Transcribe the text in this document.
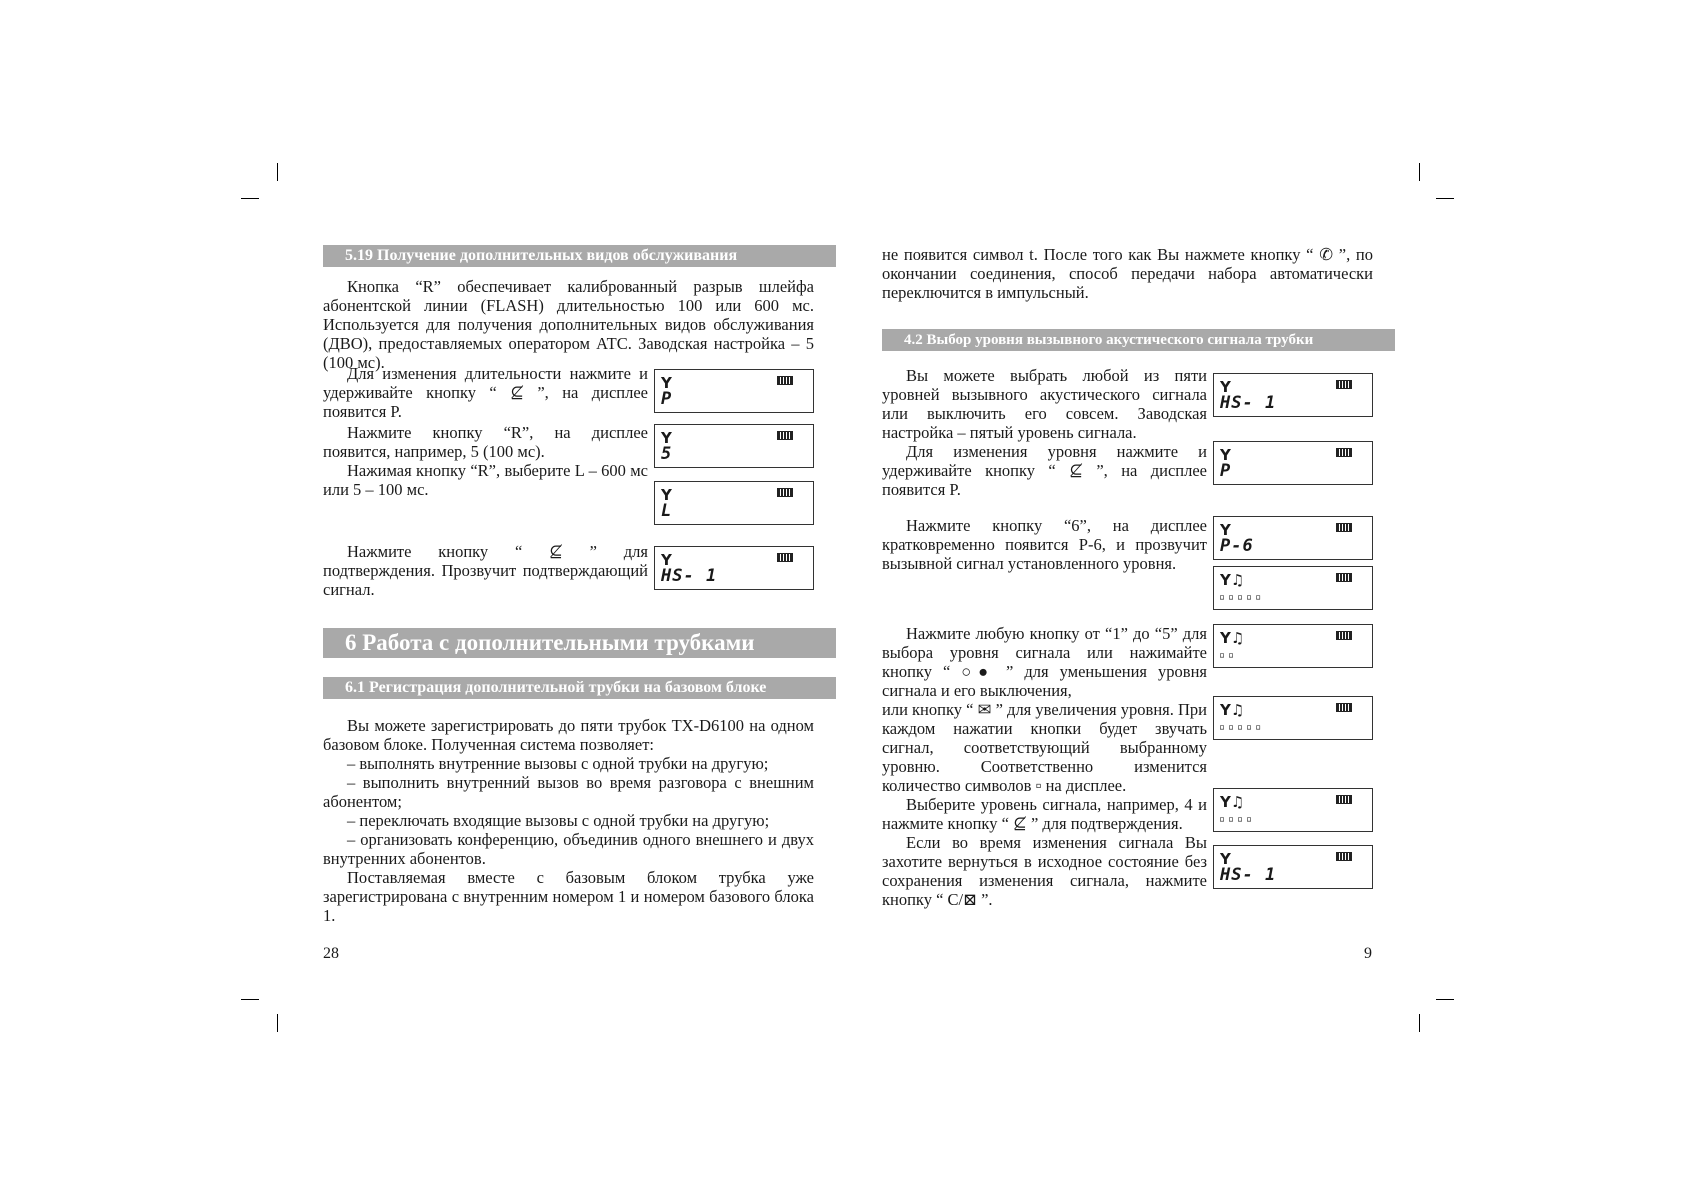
5.19 Получение дополнительных видов обслуживания

Кнопка “R” обеспечивает калиброванный разрыв шлейфа абонентской линии (FLASH) длительностью 100 или 600 мс. Используется для получения дополнительных видов обслуживания (ДВО), предоставляемых оператором АТС. Заводская настройка – 5 (100 мс).

Для изменения длительности нажмите и удерживайте кнопку “ ⊈ ”, на дисплее появится P.

Нажмите кнопку “R”, на дисплее появится, например, 5 (100 мс).

Нажимая кнопку “R”, выберите L – 600 мс или 5 – 100 мс.

Нажмите кнопку “ ⊈ ” для подтверждения. Прозвучит подтверждающий сигнал.

Y
P
Y
5
Y
L
Y
HS- 1
6 Работа с дополнительными трубками
6.1 Регистрация дополнительной трубки на базовом блоке

Вы можете зарегистрировать до пяти трубок TX-D6100 на одном базовом блоке. Полученная система позволяет:

– выполнять внутренние вызовы с одной трубки на другую;

– выполнить внутренний вызов во время разговора с внешним абонентом;

– переключать входящие вызовы с одной трубки на другую;

– организовать конференцию, объединив одного внешнего и двух внутренних абонентов.

Поставляемая вместе с базовым блоком трубка уже зарегистрирована с внутренним номером 1 и номером базового блока 1.

28

не появится символ t. После того как Вы нажмете кнопку “ ✆ ”, по окончании соединения, способ передачи набора автоматически переключится в импульсный.

4.2 Выбор уровня вызывного акустического сигнала трубки

Вы можете выбрать любой из пяти уровней вызывного акустического сигнала или выключить его совсем. Заводская настройка – пятый уровень сигнала.

Для изменения уровня нажмите и удерживайте кнопку “ ⊈ ”, на дисплее появится P.

Нажмите кнопку “6”, на дисплее кратковременно появится P-6, и прозвучит вызывной сигнал установленного уровня.

Нажмите любую кнопку от “1” до “5” для выбора уровня сигнала или нажимайте кнопку “ ○● ” для уменьшения уровня сигнала и его выключения,

или кнопку “ ✉ ” для увеличения уровня. При каждом нажатии кнопки будет звучать сигнал, соответствующий выбранному уровню. Соответственно изменится количество символов ▫ на дисплее.

Выберите уровень сигнала, например, 4 и нажмите кнопку “ ⊈ ” для подтверждения.

Если во время изменения сигнала Вы захотите вернуться в исходное состояние без сохранения изменения сигнала, нажмите кнопку “ C/⊠ ”.

Y
HS- 1
Y
P
Y
P-6
Y♫
▫▫▫▫▫
Y♫
▫▫
Y♫
▫▫▫▫▫
Y♫
▫▫▫▫
Y
HS- 1
9
